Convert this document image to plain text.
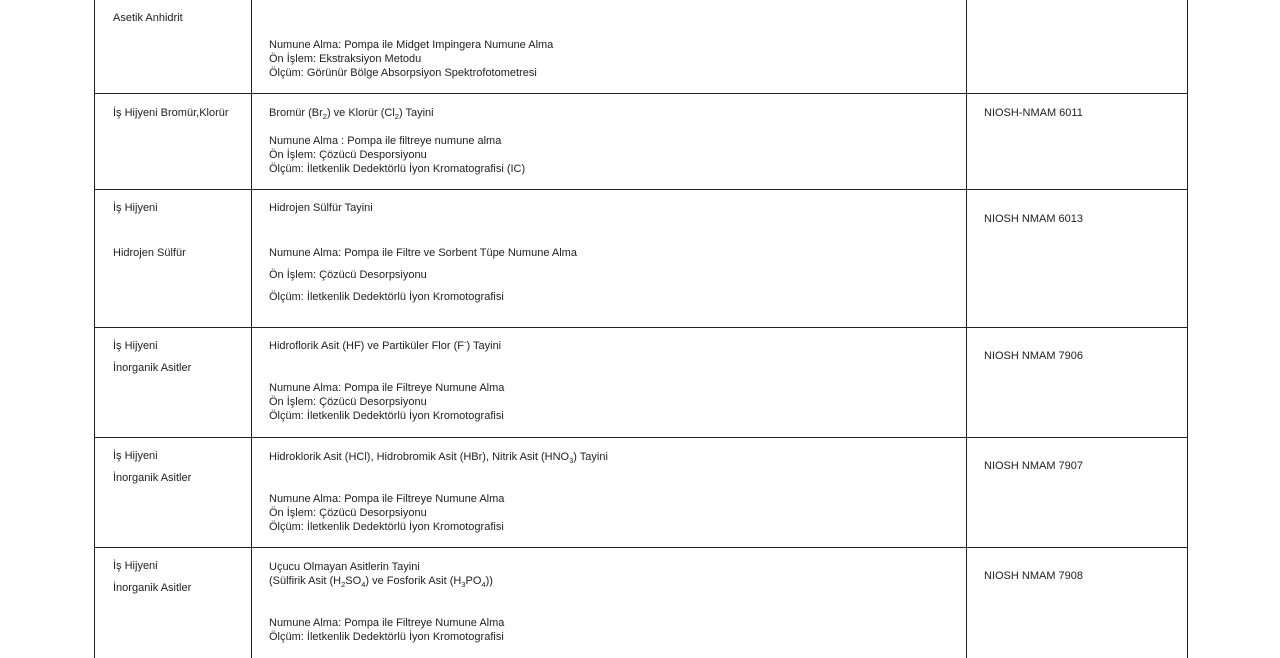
Asetik Anhidrit
Numune Alma: Pompa ile Midget Impingera Numune Alma
Ön İşlem: Ekstraksiyon Metodu
Ölçüm: Görünür Bölge Absorpsiyon Spektrofotometresi
İş Hijyeni Bromür,Klorür	Bromür $(Br_2)$ ve Klorür $(Cl_2)$ Tayini
Numune Alma : Pompa ile filtreye numune alma
Ön İşlem: Çözücü Desporsiyonu
Ölçüm: İletkenlik Dedektörlü İyon Kromatografisi (IC)
NIOSH-NMAM 6011
İş Hijyeni
Hidrojen Sülfür
Hidrojen Sülfür Tayini
Numune Alma: Pompa ile Filtre ve Sorbent Tüpe Numune Alma
Ön İşlem: Çözücü Desorpsiyonu
Ölçüm: İletkenlik Dedektörlü İyon Kromotografisi
NIOSH NMAM 6013
İş Hijyeni
İnorganik Asitler
Hidroflorik Asit (HF) ve Partiküler Flor (F-) Tayini
Numune Alma: Pompa ile Filtreye Numune Alma
Ön İşlem: Çözücü Desorpsiyonu
Ölçüm: İletkenlik Dedektörlü İyon Kromotografisi
NIOSH NMAM 7906
İş Hijyeni
İnorganik Asitler
Hidroklorik Asit (HCl), Hidrobromik Asit (HBr), Nitrik Asit $(HNO_3)$ Tayini
Numune Alma: Pompa ile Filtreye Numune Alma
Ön İşlem: Çözücü Desorpsiyonu
Ölçüm: İletkenlik Dedektörlü İyon Kromotografisi
NIOSH NMAM 7907
İş Hijyeni
İnorganik Asitler
Uçucu Olmayan Asitlerin Tayini
(Sülfirik Asit $(H_2SO_4)$ ve Fosforik Asit $(H_3PO_4)$)
Numune Alma: Pompa ile Filtreye Numune Alma
Ölçüm: İletkenlik Dedektörlü İyon Kromotografisi
NIOSH NMAM 7908
